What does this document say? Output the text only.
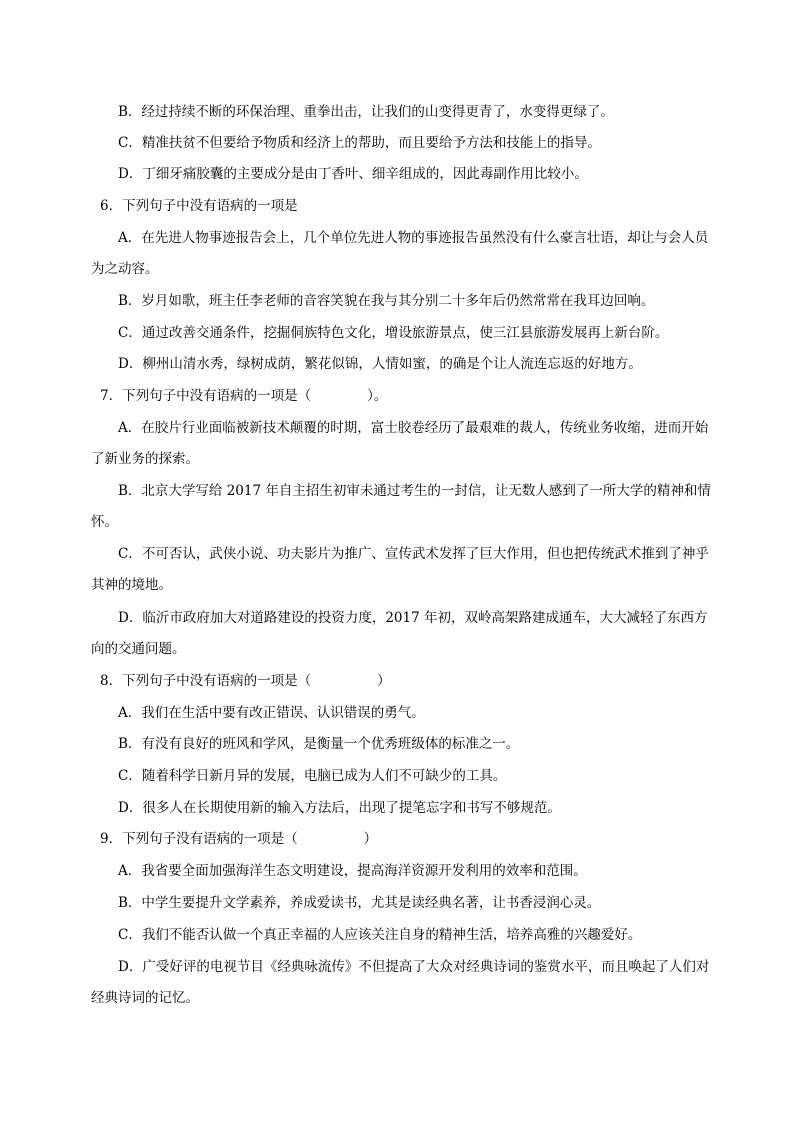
B．经过持续不断的环保治理、重拳出击，让我们的山变得更青了，水变得更绿了。
C．精准扶贫不但要给予物质和经济上的帮助，而且要给予方法和技能上的指导。
D．丁细牙痛胶囊的主要成分是由丁香叶、细辛组成的，因此毒副作用比较小。
6．下列句子中没有语病的一项是
A．在先进人物事迹报告会上，几个单位先进人物的事迹报告虽然没有什么豪言壮语，却让与会人员
为之动容。
B．岁月如歌，班主任李老师的音容笑貌在我与其分别二十多年后仍然常常在我耳边回响。
C．通过改善交通条件，挖掘侗族特色文化，增设旅游景点，使三江县旅游发展再上新台阶。
D．柳州山清水秀，绿树成荫，繁花似锦，人情如蜜，的确是个让人流连忘返的好地方。
7．下列句子中没有语病的一项是（	）。
A．在胶片行业面临被新技术颠覆的时期，富士胶卷经历了最艰难的裁人，传统业务收缩，进而开始
了新业务的探索。
B．北京大学写给 2017 年自主招生初审未通过考生的一封信，让无数人感到了一所大学的精神和情
怀。
C．不可否认，武侠小说、功夫影片为推广、宣传武术发挥了巨大作用，但也把传统武术推到了神乎
其神的境地。
D．临沂市政府加大对道路建设的投资力度，2017 年初，双岭高架路建成通车，大大减轻了东西方
向的交通问题。
8．下列句子中没有语病的一项是（	）
A．我们在生活中要有改正错误、认识错误的勇气。
B．有没有良好的班风和学风，是衡量一个优秀班级体的标准之一。
C．随着科学日新月异的发展，电脑已成为人们不可缺少的工具。
D．很多人在长期使用新的输入方法后，出现了提笔忘字和书写不够规范。
9．下列句子没有语病的一项是（	）
A．我省要全面加强海洋生态文明建设，提高海洋资源开发利用的效率和范围。
B．中学生要提升文学素养，养成爱读书，尤其是读经典名著，让书香浸润心灵。
C．我们不能否认做一个真正幸福的人应该关注自身的精神生活，培养高雅的兴趣爱好。
D．广受好评的电视节目《经典咏流传》不但提高了大众对经典诗词的鉴赏水平，而且唤起了人们对
经典诗词的记忆。
